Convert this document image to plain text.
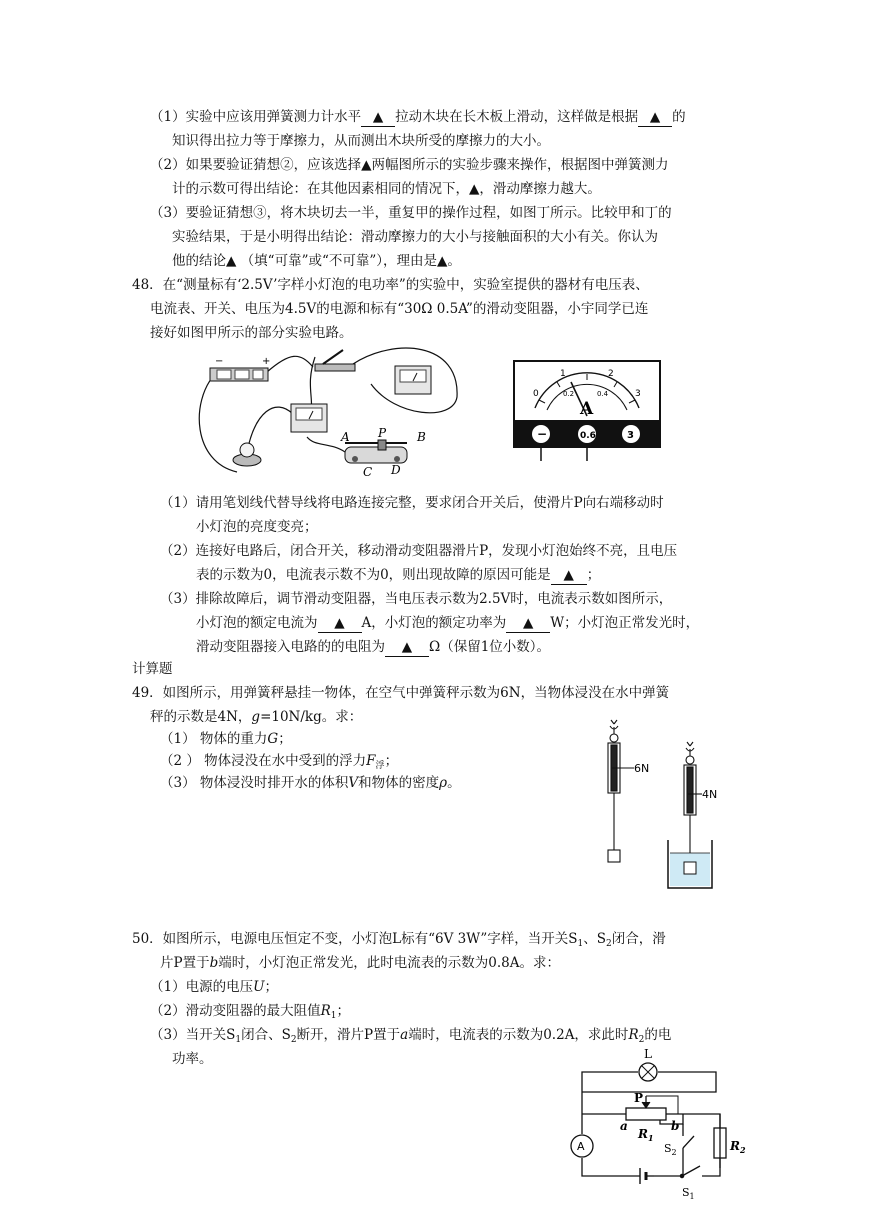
（1）实验中应该用弹簧测力计水平 ▲ 拉动木块在长木板上滑动，这样做是根据 ▲ 的
知识得出拉力等于摩擦力，从而测出木块所受的摩擦力的大小。
（2）如果要验证猜想②，应该选择▲两幅图所示的实验步骤来操作，根据图中弹簧测力
计的示数可得出结论：在其他因素相同的情况下，▲，滑动摩擦力越大。
（3）要验证猜想③，将木块切去一半，重复甲的操作过程，如图丁所示。比较甲和丁的
实验结果，于是小明得出结论：滑动摩擦力的大小与接触面积的大小有关。你认为
他的结论▲ （填“可靠”或“不可靠”），理由是▲。
48．在“测量标有‘2.5V’字样小灯泡的电功率”的实验中，实验室提供的器材有电压表、
电流表、开关、电压为4.5V的电源和标有“30Ω 0.5A”的滑动变阻器，小宇同学已连
接好如图甲所示的部分实验电路。
−	+
A P	B
C D
0
1	2
3
0.2	0.4
A
−	0.6	3
（1）请用笔划线代替导线将电路连接完整，要求闭合开关后，使滑片P向右端移动时
小灯泡的亮度变亮；
（2）连接好电路后，闭合开关，移动滑动变阻器滑片P，发现小灯泡始终不亮，且电压
表的示数为0，电流表示数不为0，则出现故障的原因可能是 ▲ ；
（3）排除故障后，调节滑动变阻器，当电压表示数为2.5V时，电流表示数如图所示，
小灯泡的额定电流为 ▲ A，小灯泡的额定功率为 ▲ W；小灯泡正常发光时，
滑动变阻器接入电路的的电阻为 ▲ Ω（保留1位小数）。
计算题
49．如图所示，用弹簧秤悬挂一物体，在空气中弹簧秤示数为6N，当物体浸没在水中弹簧
秤的示数是4N，g=10N/kg。求：
（1） 物体的重力G；
（2 ） 物体浸没在水中受到的浮力$F_浮$；
（3） 物体浸没时排开水的体积V和物体的密度ρ。
6N
4N
50．如图所示，电源电压恒定不变，小灯泡L标有“6V 3W”字样，当开关$S_1$、$S_2$闭合，滑
片P置于b端时，小灯泡正常发光，此时电流表的示数为0.8A。求：
（1）电源的电压U；
（2）滑动变阻器的最大阻值$R_1$；
（3）当开关$S_1$闭合、$S_2$断开，滑片P置于a端时，电流表的示数为0.2A，求此时$R_2$的电
功率。	L
P
a	b
$R_1$
$R_2$
A
$S_1$
$S_2$
